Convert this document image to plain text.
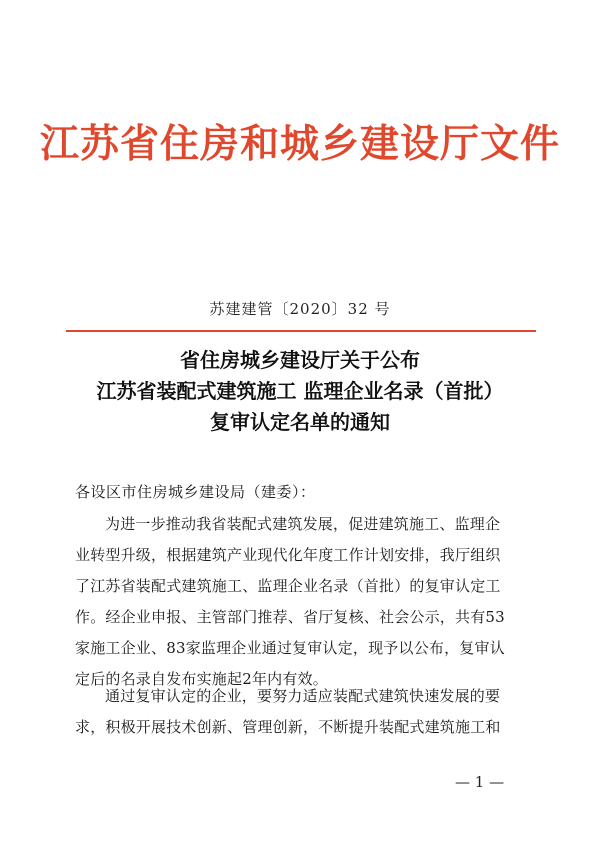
江苏省住房和城乡建设厅文件
苏建建管〔2020〕32 号
省住房城乡建设厅关于公布
江苏省装配式建筑施工 监理企业名录（首批）
复审认定名单的通知
各设区市住房城乡建设局（建委）：
为进一步推动我省装配式建筑发展，促进建筑施工、监理企
业转型升级，根据建筑产业现代化年度工作计划安排，我厅组织
了江苏省装配式建筑施工、监理企业名录（首批）的复审认定工
作。经企业申报、主管部门推荐、省厅复核、社会公示，共有53
家施工企业、83家监理企业通过复审认定，现予以公布，复审认
定后的名录自发布实施起2年内有效。
通过复审认定的企业，要努力适应装配式建筑快速发展的要
求，积极开展技术创新、管理创新，不断提升装配式建筑施工和
— 1 —
